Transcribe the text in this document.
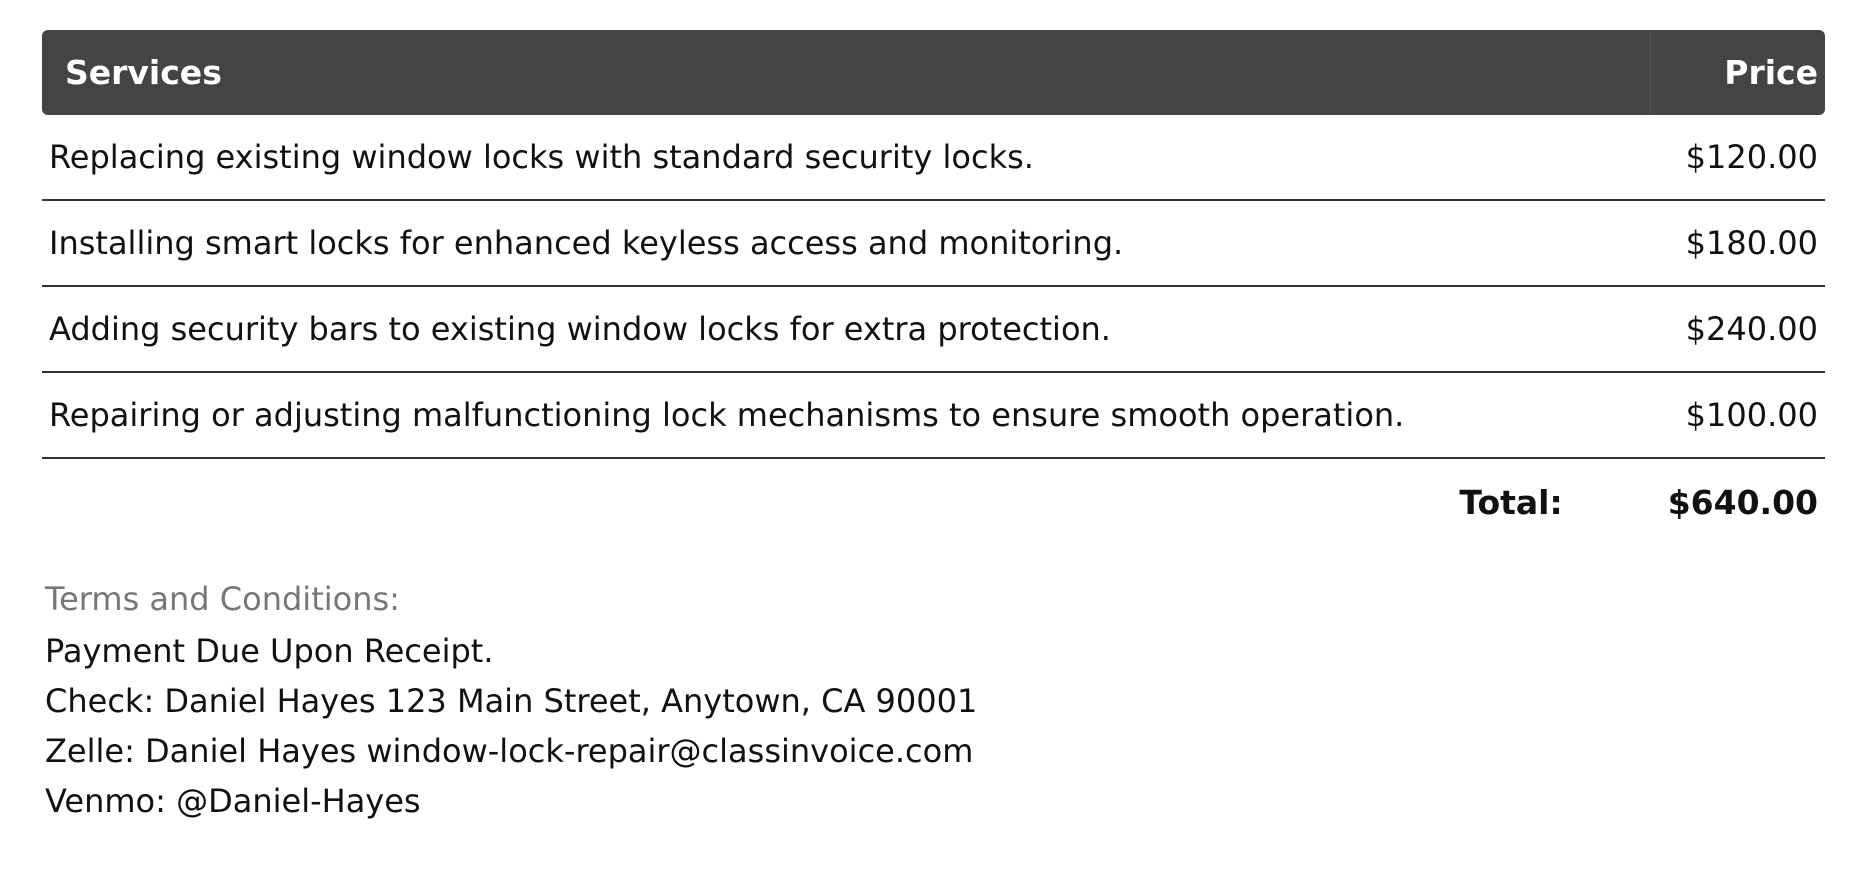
Services	Price
Replacing existing window locks with standard security locks.	$120.00
Installing smart locks for enhanced keyless access and monitoring.	$180.00
Adding security bars to existing window locks for extra protection.	$240.00
Repairing or adjusting malfunctioning lock mechanisms to ensure smooth operation.	$100.00
Total:	$640.00
Terms and Conditions:
Payment Due Upon Receipt.
Check: Daniel Hayes 123 Main Street, Anytown, CA 90001
Zelle: Daniel Hayes window-lock-repair@classinvoice.com
Venmo: @Daniel-Hayes
